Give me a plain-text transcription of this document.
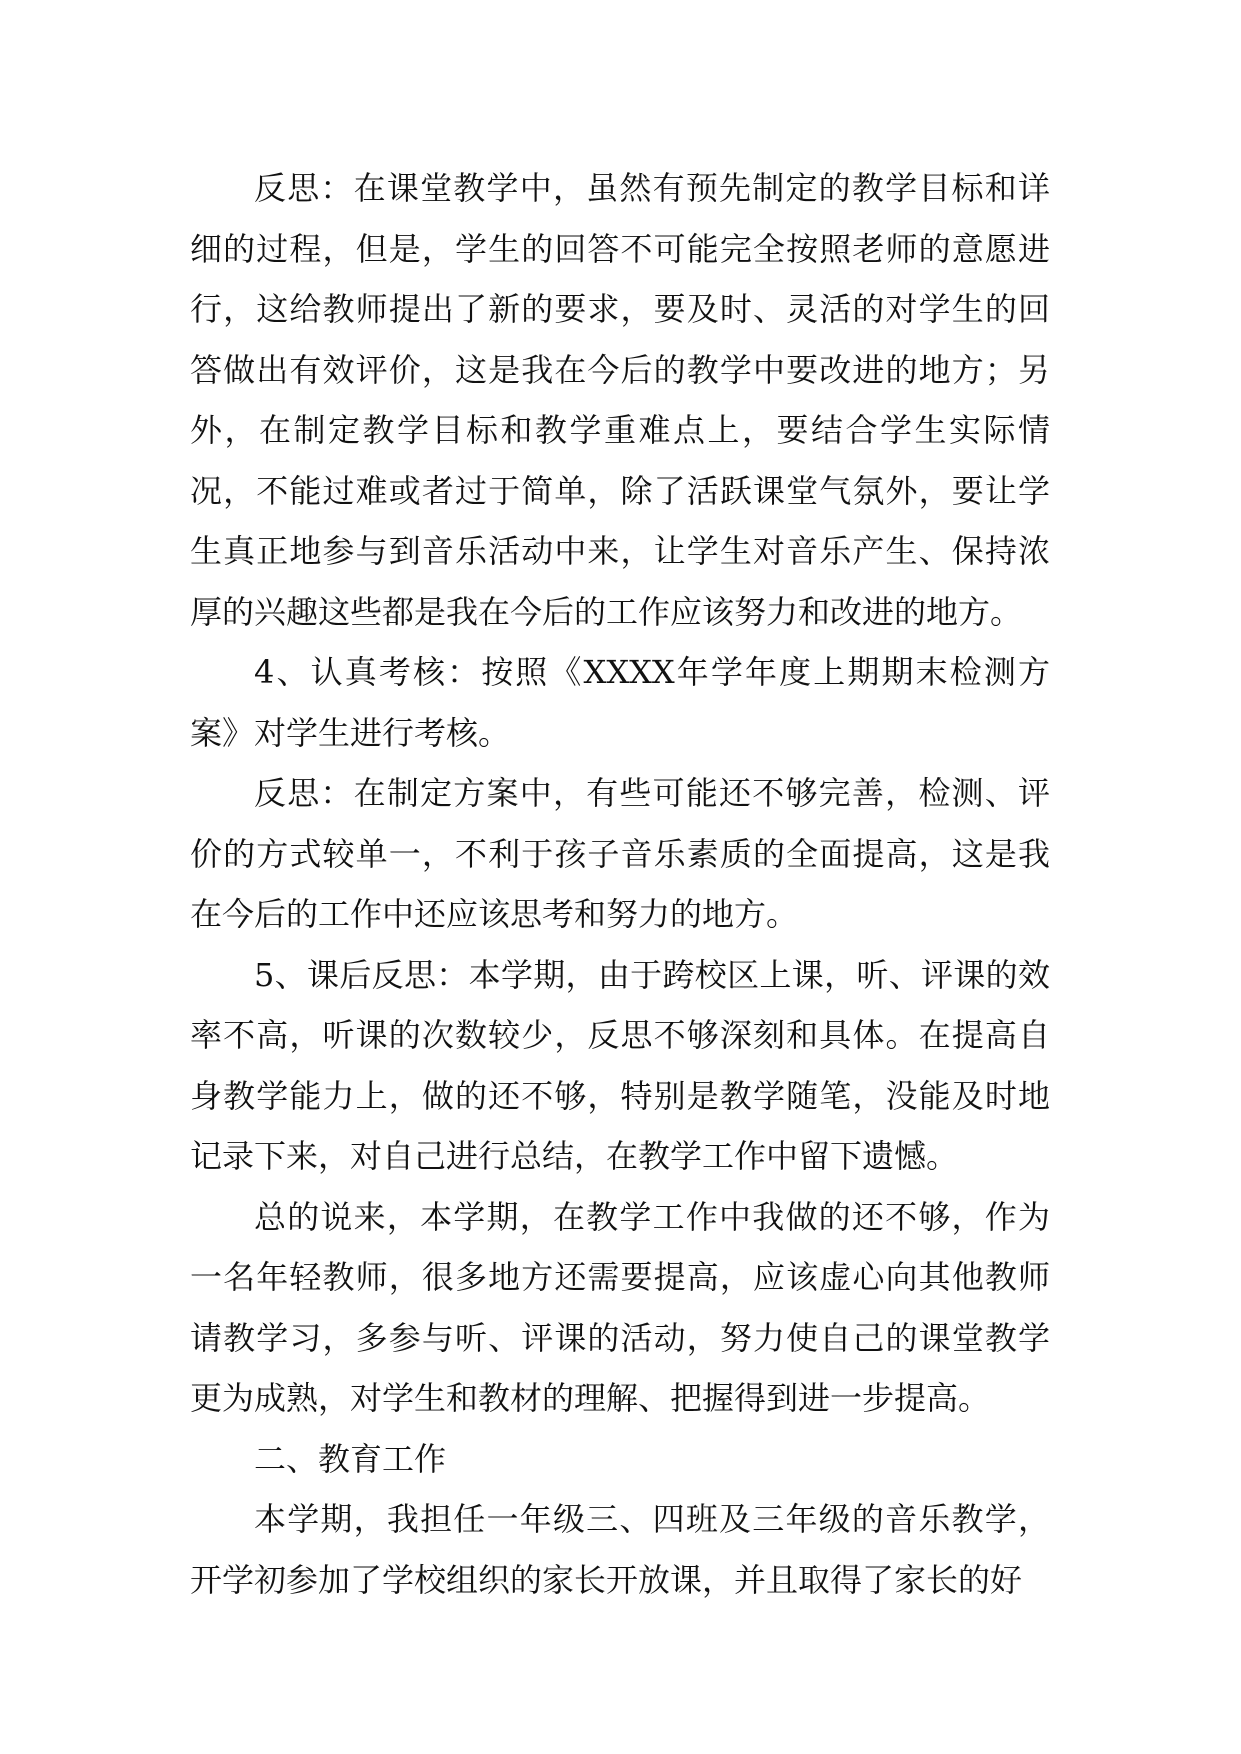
反思：在课堂教学中，虽然有预先制定的教学目标和详细的过程，但是，学生的回答不可能完全按照老师的意愿进行，这给教师提出了新的要求，要及时、灵活的对学生的回答做出有效评价，这是我在今后的教学中要改进的地方；另外，在制定教学目标和教学重难点上，要结合学生实际情况，不能过难或者过于简单，除了活跃课堂气氛外，要让学生真正地参与到音乐活动中来，让学生对音乐产生、保持浓厚的兴趣这些都是我在今后的工作应该努力和改进的地方。

4、认真考核：按照《XXXX年学年度上期期末检测方案》对学生进行考核。

反思：在制定方案中，有些可能还不够完善，检测、评价的方式较单一，不利于孩子音乐素质的全面提高，这是我在今后的工作中还应该思考和努力的地方。

5、课后反思：本学期，由于跨校区上课，听、评课的效率不高，听课的次数较少，反思不够深刻和具体。在提高自身教学能力上，做的还不够，特别是教学随笔，没能及时地记录下来，对自己进行总结，在教学工作中留下遗憾。

总的说来，本学期，在教学工作中我做的还不够，作为一名年轻教师，很多地方还需要提高，应该虚心向其他教师请教学习，多参与听、评课的活动，努力使自己的课堂教学更为成熟，对学生和教材的理解、把握得到进一步提高。

二、教育工作

本学期，我担任一年级三、四班及三年级的音乐教学，开学初参加了学校组织的家长开放课，并且取得了家长的好
